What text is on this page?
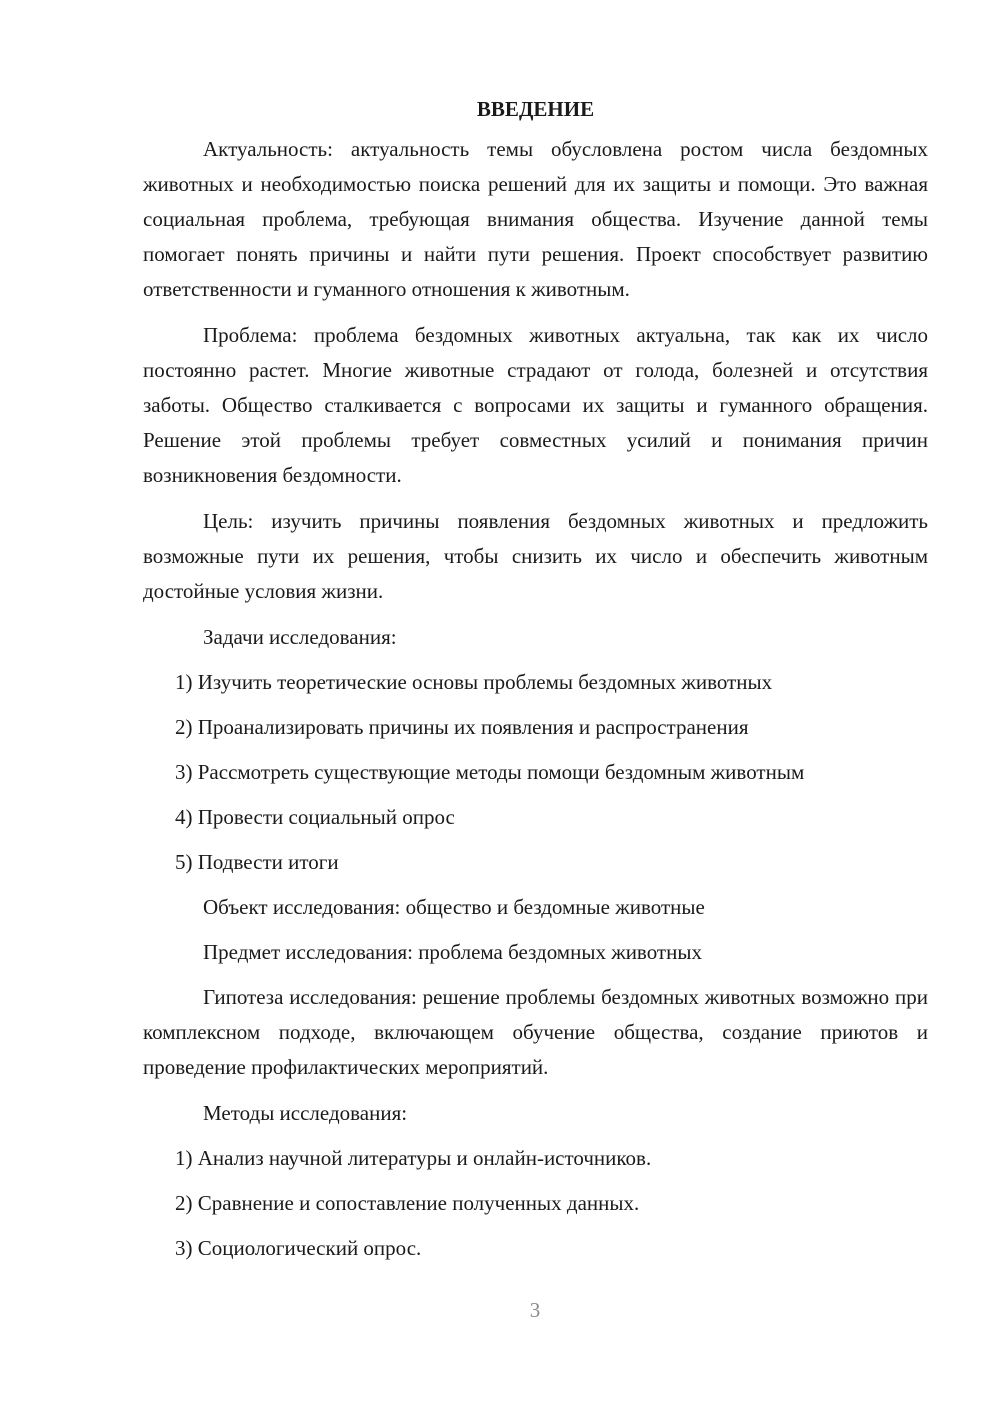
ВВЕДЕНИЕ

Актуальность: актуальность темы обусловлена ростом числа бездомных животных и необходимостью поиска решений для их защиты и помощи. Это важная социальная проблема, требующая внимания общества. Изучение данной темы помогает понять причины и найти пути решения. Проект способствует развитию ответственности и гуманного отношения к животным.

Проблема: проблема бездомных животных актуальна, так как их число постоянно растет. Многие животные страдают от голода, болезней и отсутствия заботы. Общество сталкивается с вопросами их защиты и гуманного обращения. Решение этой проблемы требует совместных усилий и понимания причин возникновения бездомности.

Цель: изучить причины появления бездомных животных и предложить возможные пути их решения, чтобы снизить их число и обеспечить животным достойные условия жизни.

Задачи исследования:

1) Изучить теоретические основы проблемы бездомных животных
2) Проанализировать причины их появления и распространения
3) Рассмотреть существующие методы помощи бездомным животным
4) Провести социальный опрос
5) Подвести итоги

Объект исследования: общество и бездомные животные

Предмет исследования: проблема бездомных животных

Гипотеза исследования: решение проблемы бездомных животных возможно при комплексном подходе, включающем обучение общества, создание приютов и проведение профилактических мероприятий.

Методы исследования:

1) Анализ научной литературы и онлайн-источников.
2) Сравнение и сопоставление полученных данных.
3) Социологический опрос.
3
